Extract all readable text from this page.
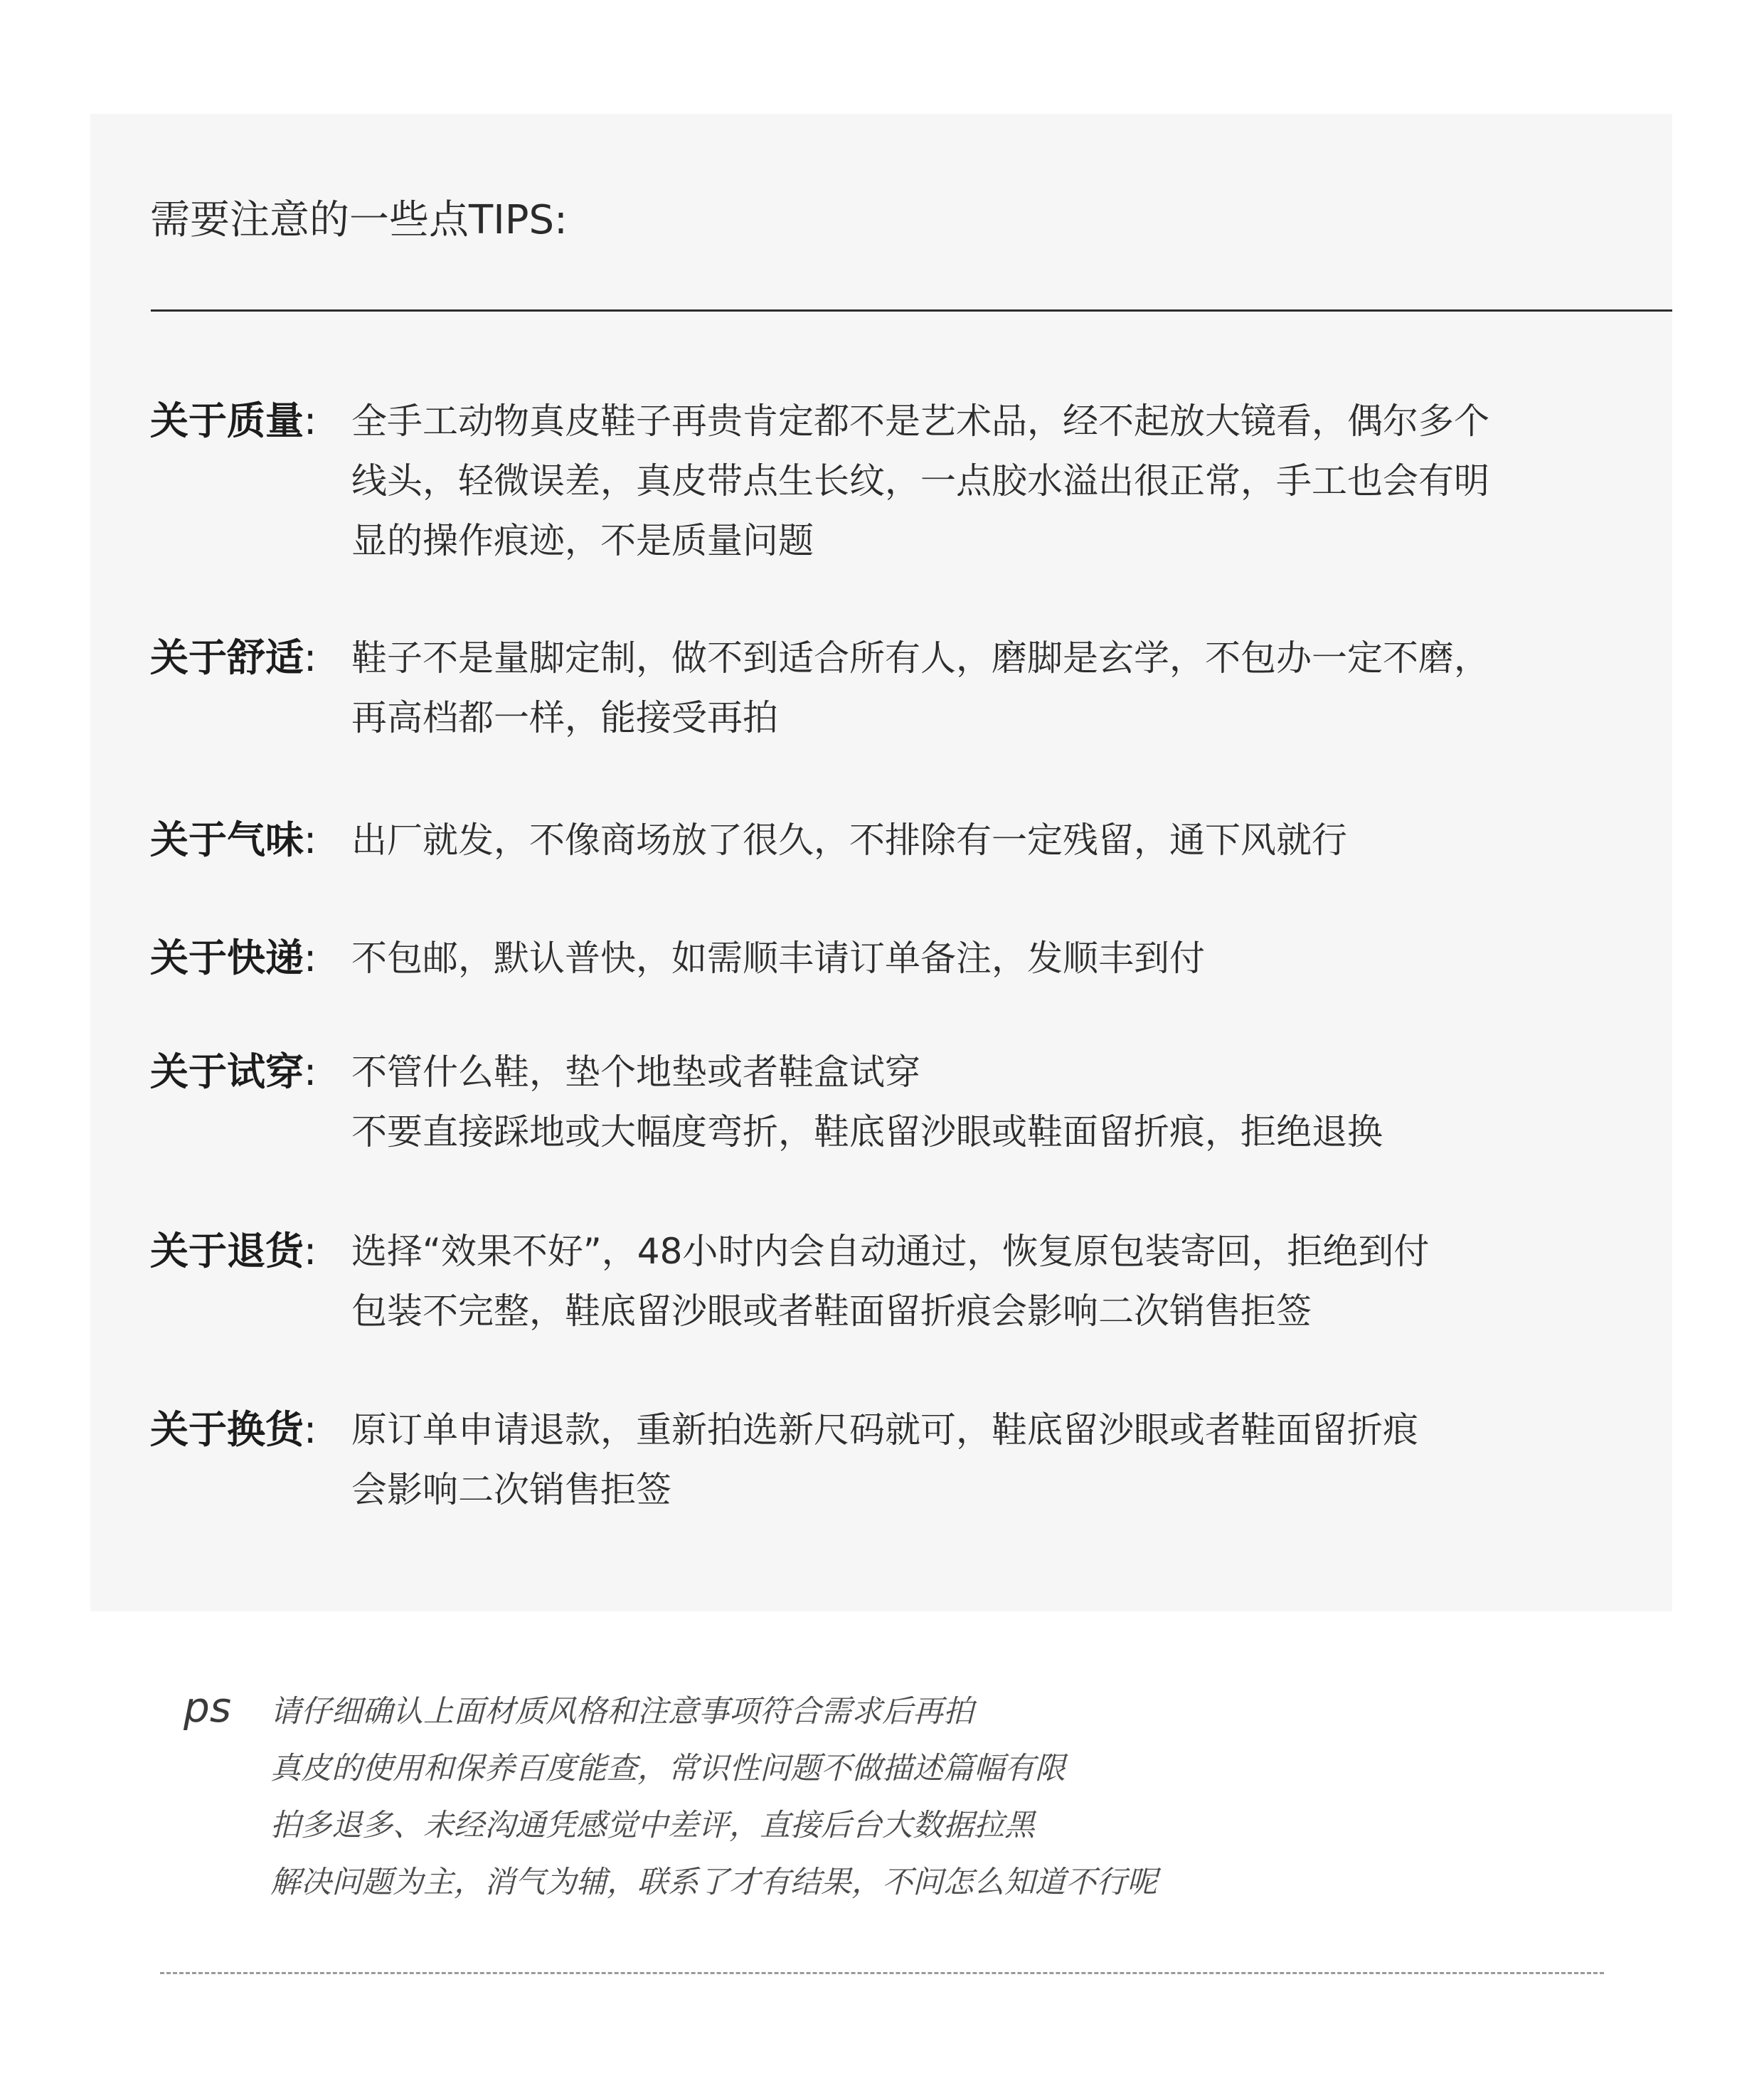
需要注意的一些点TIPS:
关于质量: 全手工动物真皮鞋子再贵肯定都不是艺术品，经不起放大镜看，偶尔多个
线头，轻微误差，真皮带点生长纹，一点胶水溢出很正常，手工也会有明
显的操作痕迹，不是质量问题
关于舒适: 鞋子不是量脚定制，做不到适合所有人，磨脚是玄学，不包办一定不磨，
再高档都一样，能接受再拍
关于气味: 出厂就发，不像商场放了很久，不排除有一定残留，通下风就行
关于快递: 不包邮，默认普快，如需顺丰请订单备注，发顺丰到付
关于试穿: 不管什么鞋，垫个地垫或者鞋盒试穿
不要直接踩地或大幅度弯折，鞋底留沙眼或鞋面留折痕，拒绝退换
关于退货: 选择“效果不好”，48小时内会自动通过，恢复原包装寄回，拒绝到付
包装不完整，鞋底留沙眼或者鞋面留折痕会影响二次销售拒签
关于换货: 原订单申请退款，重新拍选新尺码就可，鞋底留沙眼或者鞋面留折痕
会影响二次销售拒签
ps 请仔细确认上面材质风格和注意事项符合需求后再拍
真皮的使用和保养百度能查，常识性问题不做描述篇幅有限
拍多退多、未经沟通凭感觉中差评，直接后台大数据拉黑
解决问题为主，消气为辅，联系了才有结果，不问怎么知道不行呢
